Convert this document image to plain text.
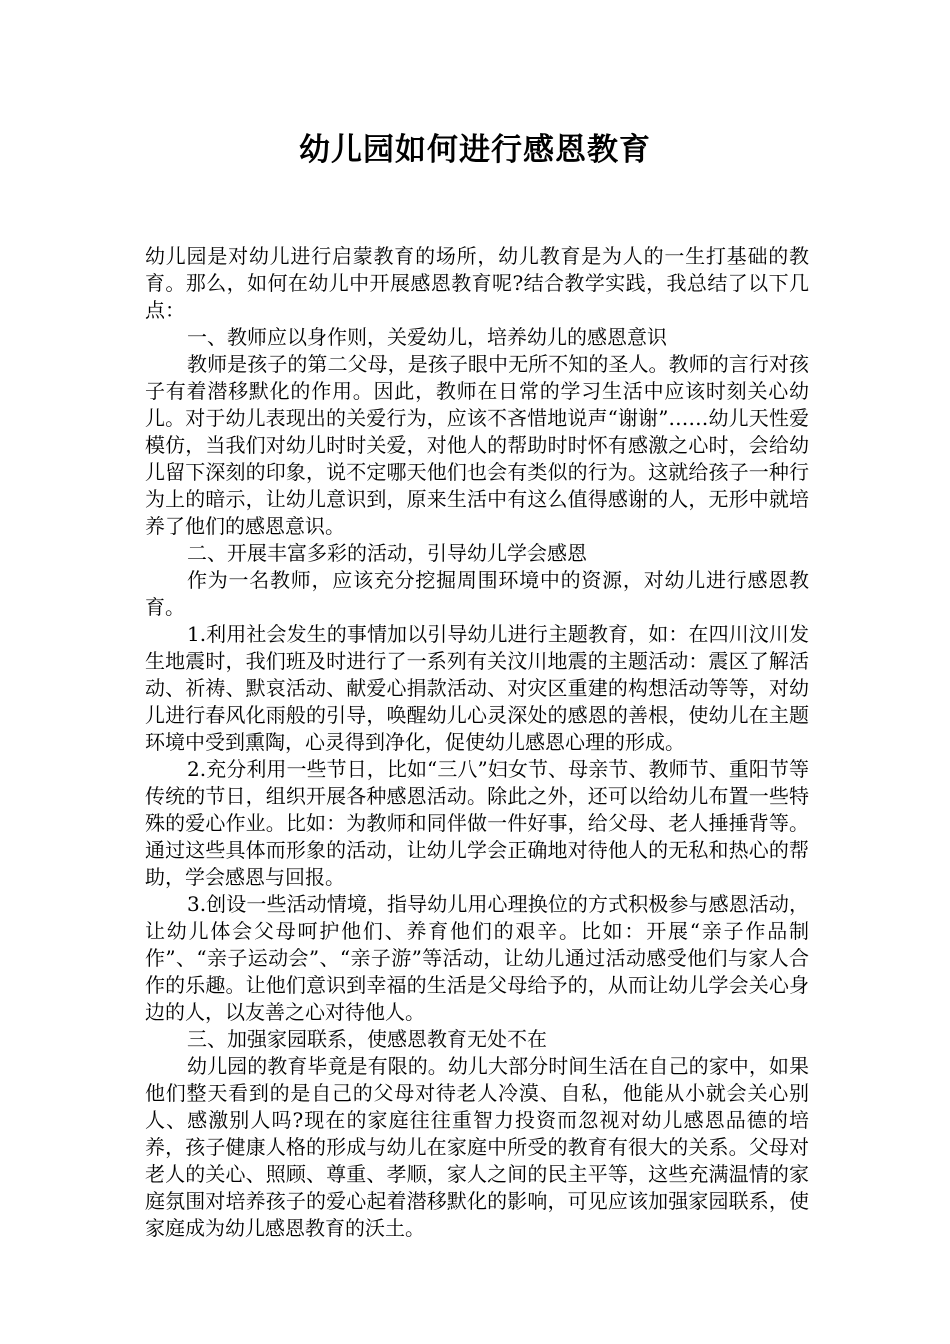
幼儿园如何进行感恩教育

幼儿园是对幼儿进行启蒙教育的场所，幼儿教育是为人的一生打基础的教育。那么，如何在幼儿中开展感恩教育呢?结合教学实践，我总结了以下几点：

一、教师应以身作则，关爱幼儿，培养幼儿的感恩意识

教师是孩子的第二父母，是孩子眼中无所不知的圣人。教师的言行对孩子有着潜移默化的作用。因此，教师在日常的学习生活中应该时刻关心幼儿。对于幼儿表现出的关爱行为，应该不吝惜地说声“谢谢”……幼儿天性爱模仿，当我们对幼儿时时关爱，对他人的帮助时时怀有感激之心时，会给幼儿留下深刻的印象，说不定哪天他们也会有类似的行为。这就给孩子一种行为上的暗示，让幼儿意识到，原来生活中有这么值得感谢的人，无形中就培养了他们的感恩意识。

二、开展丰富多彩的活动，引导幼儿学会感恩

作为一名教师，应该充分挖掘周围环境中的资源，对幼儿进行感恩教育。

1.利用社会发生的事情加以引导幼儿进行主题教育，如：在四川汶川发生地震时，我们班及时进行了一系列有关汶川地震的主题活动：震区了解活动、祈祷、默哀活动、献爱心捐款活动、对灾区重建的构想活动等等，对幼儿进行春风化雨般的引导，唤醒幼儿心灵深处的感恩的善根，使幼儿在主题环境中受到熏陶，心灵得到净化，促使幼儿感恩心理的形成。

2.充分利用一些节日，比如“三八”妇女节、母亲节、教师节、重阳节等传统的节日，组织开展各种感恩活动。除此之外，还可以给幼儿布置一些特殊的爱心作业。比如：为教师和同伴做一件好事，给父母、老人捶捶背等。通过这些具体而形象的活动，让幼儿学会正确地对待他人的无私和热心的帮助，学会感恩与回报。

3.创设一些活动情境，指导幼儿用心理换位的方式积极参与感恩活动，让幼儿体会父母呵护他们、养育他们的艰辛。比如：开展“亲子作品制作”、“亲子运动会”、“亲子游”等活动，让幼儿通过活动感受他们与家人合作的乐趣。让他们意识到幸福的生活是父母给予的，从而让幼儿学会关心身边的人，以友善之心对待他人。

三、加强家园联系，使感恩教育无处不在

幼儿园的教育毕竟是有限的。幼儿大部分时间生活在自己的家中，如果他们整天看到的是自己的父母对待老人冷漠、自私，他能从小就会关心别人、感激别人吗?现在的家庭往往重智力投资而忽视对幼儿感恩品德的培养，孩子健康人格的形成与幼儿在家庭中所受的教育有很大的关系。父母对老人的关心、照顾、尊重、孝顺，家人之间的民主平等，这些充满温情的家庭氛围对培养孩子的爱心起着潜移默化的影响，可见应该加强家园联系，使家庭成为幼儿感恩教育的沃土。
